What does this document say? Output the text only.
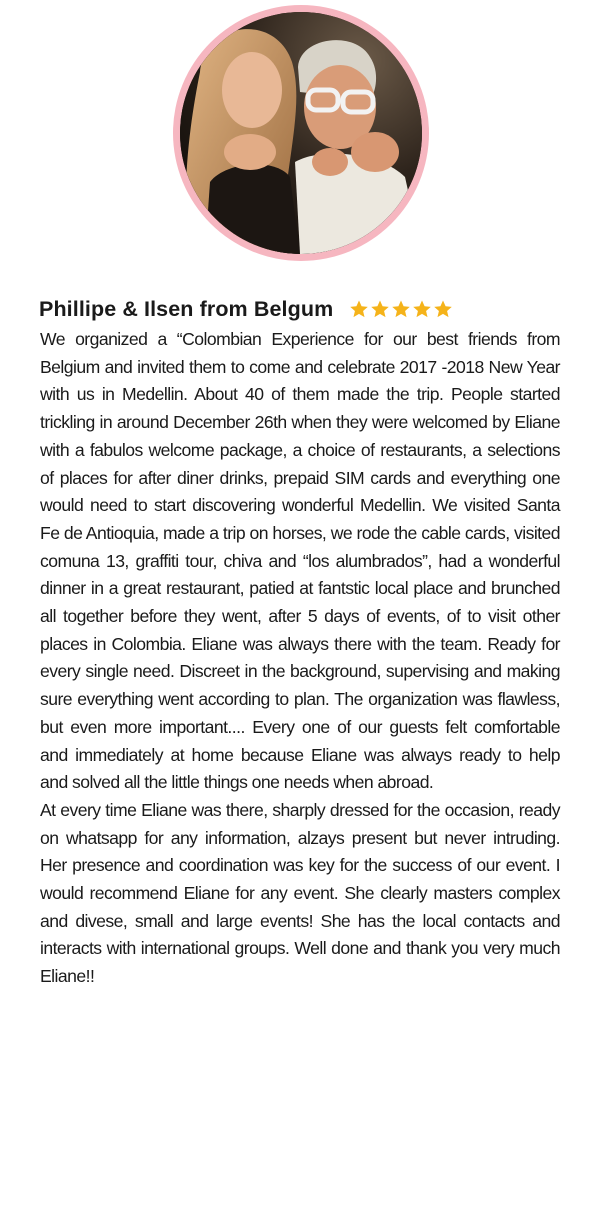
Phillipe & Ilsen from Belgum

We organized a “Colombian Experience for our best friends from Belgium and invited them to come and celebrate 2017 -2018 New Year with us in Medellin. About 40 of them made the trip. People started trickling in around December 26th when they were welcomed by Eliane with a fabulos welcome package, a choice of restaurants, a selections of places for after diner drinks, prepaid SIM cards and everything one would need to start discovering wonderful Medellin. We visited Santa Fe de Antioquia, made a trip on horses, we rode the cable cards, visited comuna 13, graffiti tour, chiva and “los alumbrados”, had a wonderful dinner in a great restaurant, patied at fantstic local place and brunched all together before they went, after 5 days of events, of to visit other places in Colombia. Eliane was always there with the team. Ready for every single need. Discreet in the background, supervising and making sure everything went according to plan. The organization was flawless, but even more important.... Every one of our guests felt comfortable and immediately at home because Eliane was always ready to help and solved all the little things one needs when abroad.

At every time Eliane was there, sharply dressed for the occasion, ready on whatsapp for any information, alzays present but never intruding. Her presence and coordination was key for the success of our event. I would recommend Eliane for any event. She clearly masters complex and divese, small and large events! She has the local contacts and interacts with international groups. Well done and thank you very much Eliane!!
